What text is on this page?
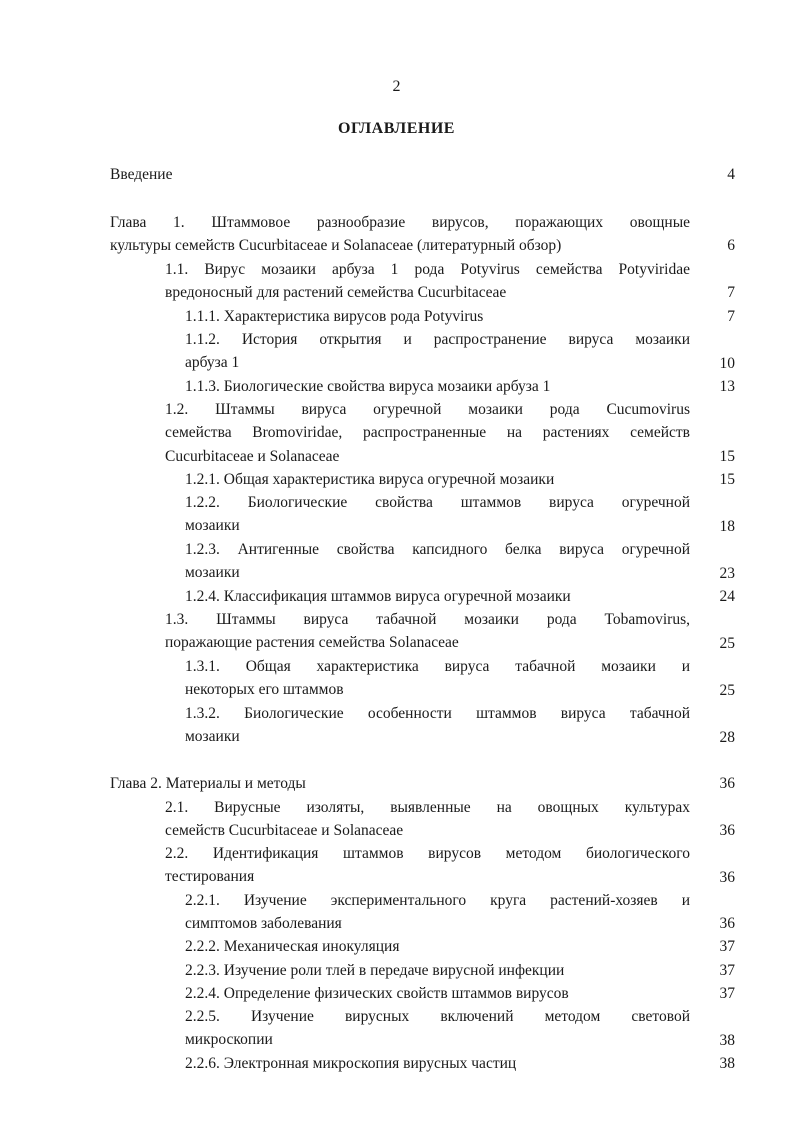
2
ОГЛАВЛЕНИЕ
Введение	4
Глава 1. Штаммовое разнообразие вирусов, поражающих овощные
культуры семейств Cucurbitaceae и Solanaceae (литературный обзор)	6
1.1. Вирус мозаики арбуза 1 рода Potyvirus семейства Potyviridae
вредоносный для растений семейства Cucurbitaceae	7
1.1.1. Характеристика вирусов рода Potyvirus	7
1.1.2. История открытия и распространение вируса мозаики
арбуза 1	10
1.1.3. Биологические свойства вируса мозаики арбуза 1	13
1.2. Штаммы вируса огуречной мозаики рода Cucumovirus
семейства Bromoviridae, распространенные на растениях семейств
Cucurbitaceae и Solanaceae	15
1.2.1. Общая характеристика вируса огуречной мозаики	15
1.2.2. Биологические свойства штаммов вируса огуречной
мозаики	18
1.2.3. Антигенные свойства капсидного белка вируса огуречной
мозаики	23
1.2.4. Классификация штаммов вируса огуречной мозаики	24
1.3. Штаммы вируса табачной мозаики рода Tobamovirus,
поражающие растения семейства Solanaceae	25
1.3.1. Общая характеристика вируса табачной мозаики и
некоторых его штаммов	25
1.3.2. Биологические особенности штаммов вируса табачной
мозаики	28
Глава 2. Материалы и методы	36
2.1. Вирусные изоляты, выявленные на овощных культурах
семейств Cucurbitaceae и Solanaceae	36
2.2. Идентификация штаммов вирусов методом биологического
тестирования	36
2.2.1. Изучение экспериментального круга растений-хозяев и
симптомов заболевания	36
2.2.2. Механическая инокуляция	37
2.2.3. Изучение роли тлей в передаче вирусной инфекции	37
2.2.4. Определение физических свойств штаммов вирусов	37
2.2.5. Изучение вирусных включений методом световой
микроскопии	38
2.2.6. Электронная микроскопия вирусных частиц	38
